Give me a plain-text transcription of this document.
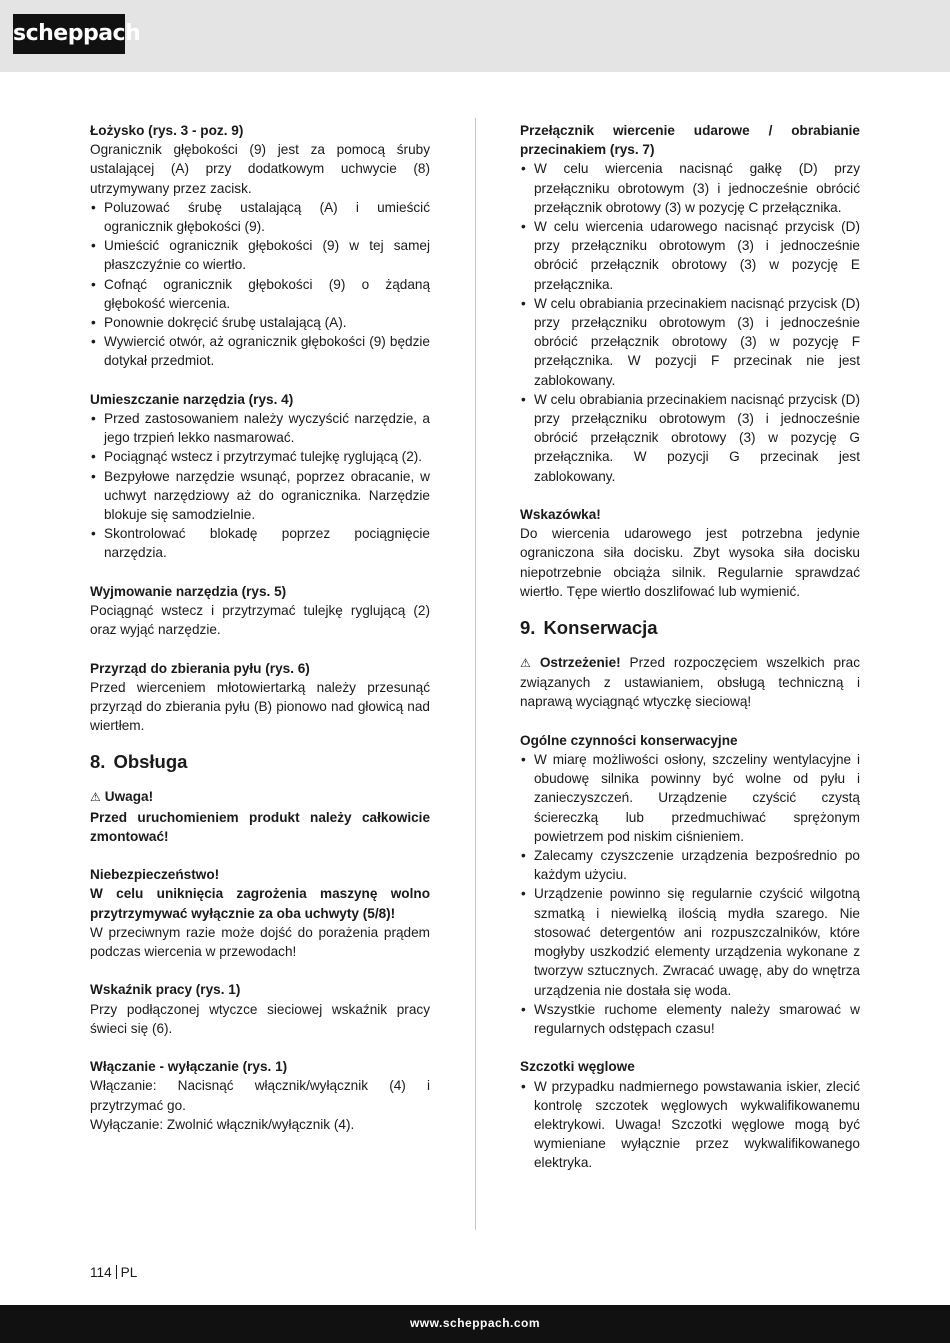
scheppach

Łożysko (rys. 3 - poz. 9)

Ogranicznik głębokości (9) jest za pomocą śruby ustalającej (A) przy dodatkowym uchwycie (8) utrzymywany przez zacisk.

• Poluzować śrubę ustalającą (A) i umieścić ogranicznik głębokości (9).
• Umieścić ogranicznik głębokości (9) w tej samej płaszczyźnie co wiertło.
• Cofnąć ogranicznik głębokości (9) o żądaną głębokość wiercenia.
• Ponownie dokręcić śrubę ustalającą (A).
• Wywiercić otwór, aż ogranicznik głębokości (9) będzie dotykał przedmiot.

Umieszczanie narzędzia (rys. 4)

• Przed zastosowaniem należy wyczyścić narzędzie, a jego trzpień lekko nasmarować.
• Pociągnąć wstecz i przytrzymać tulejkę ryglującą (2).
• Bezpyłowe narzędzie wsunąć, poprzez obracanie, w uchwyt narzędziowy aż do ogranicznika. Narzędzie blokuje się samodzielnie.
• Skontrolować blokadę poprzez pociągnięcie narzędzia.

Wyjmowanie narzędzia (rys. 5)

Pociągnąć wstecz i przytrzymać tulejkę ryglującą (2) oraz wyjąć narzędzie.

Przyrząd do zbierania pyłu (rys. 6)

Przed wierceniem młotowiertarką należy przesunąć przyrząd do zbierania pyłu (B) pionowo nad głowicą nad wiertłem.

8. Obsługa

⚠ Uwaga!

Przed uruchomieniem produkt należy całkowicie zmontować!

Niebezpieczeństwo!

W celu uniknięcia zagrożenia maszynę wolno przytrzymywać wyłącznie za oba uchwyty (5/8)!

W przeciwnym razie może dojść do porażenia prądem podczas wiercenia w przewodach!

Wskaźnik pracy (rys. 1)

Przy podłączonej wtyczce sieciowej wskaźnik pracy świeci się (6).

Włączanie - wyłączanie (rys. 1)

Włączanie: Nacisnąć włącznik/wyłącznik (4) i przytrzymać go.

Wyłączanie: Zwolnić włącznik/wyłącznik (4).

Przełącznik wiercenie udarowe / obrabianie przecinakiem (rys. 7)

• W celu wiercenia nacisnąć gałkę (D) przy przełączniku obrotowym (3) i jednocześnie obrócić przełącznik obrotowy (3) w pozycję C przełącznika.
• W celu wiercenia udarowego nacisnąć przycisk (D) przy przełączniku obrotowym (3) i jednocześnie obrócić przełącznik obrotowy (3) w pozycję E przełącznika.
• W celu obrabiania przecinakiem nacisnąć przycisk (D) przy przełączniku obrotowym (3) i jednocześnie obrócić przełącznik obrotowy (3) w pozycję F przełącznika. W pozycji F przecinak nie jest zablokowany.
• W celu obrabiania przecinakiem nacisnąć przycisk (D) przy przełączniku obrotowym (3) i jednocześnie obrócić przełącznik obrotowy (3) w pozycję G przełącznika. W pozycji G przecinak jest zablokowany.

Wskazówka!

Do wiercenia udarowego jest potrzebna jedynie ograniczona siła docisku. Zbyt wysoka siła docisku niepotrzebnie obciąża silnik. Regularnie sprawdzać wiertło. Tępe wiertło doszlifować lub wymienić.

9. Konserwacja

⚠ Ostrzeżenie! Przed rozpoczęciem wszelkich prac związanych z ustawianiem, obsługą techniczną i naprawą wyciągnąć wtyczkę sieciową!

Ogólne czynności konserwacyjne

• W miarę możliwości osłony, szczeliny wentylacyjne i obudowę silnika powinny być wolne od pyłu i zanieczyszczeń. Urządzenie czyścić czystą ściereczką lub przedmuchiwać sprężonym powietrzem pod niskim ciśnieniem.
• Zalecamy czyszczenie urządzenia bezpośrednio po każdym użyciu.
• Urządzenie powinno się regularnie czyścić wilgotną szmatką i niewielką ilością mydła szarego. Nie stosować detergentów ani rozpuszczalników, które mogłyby uszkodzić elementy urządzenia wykonane z tworzyw sztucznych. Zwracać uwagę, aby do wnętrza urządzenia nie dostała się woda.
• Wszystkie ruchome elementy należy smarować w regularnych odstępach czasu!

Szczotki węglowe

• W przypadku nadmiernego powstawania iskier, zlecić kontrolę szczotek węglowych wykwalifikowanemu elektrykowi. Uwaga! Szczotki węglowe mogą być wymieniane wyłącznie przez wykwalifikowanego elektryka.
114 PL
www.scheppach.com
